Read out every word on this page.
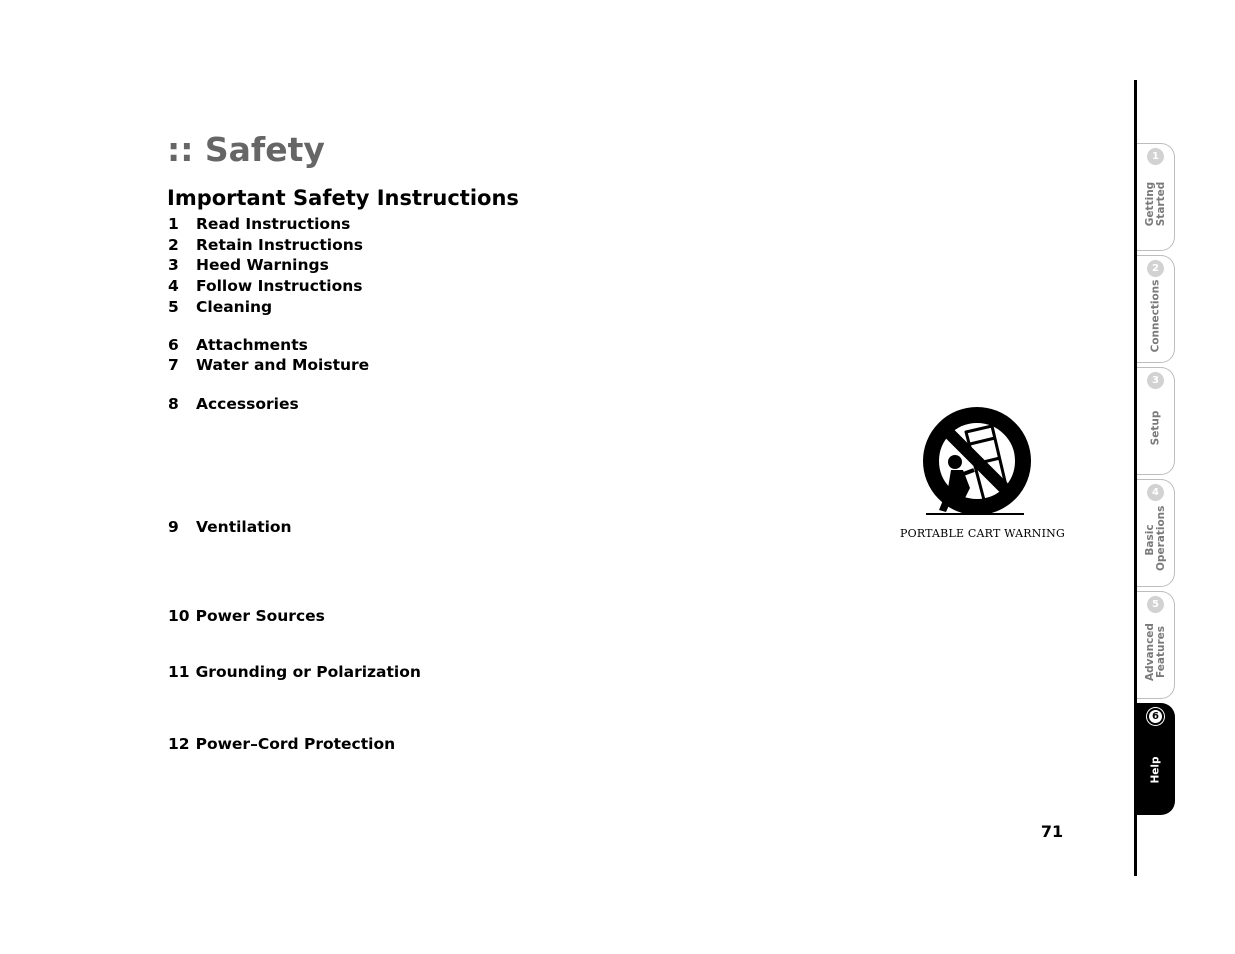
:: Safety
Important Safety Instructions
1 Read Instructions
2 Retain Instructions
3 Heed Warnings
4 Follow Instructions
5 Cleaning
6 Attachments
7 Water and Moisture
8 Accessories
9 Ventilation
10 Power Sources
11 Grounding or Polarization
12 Power–Cord Protection
PORTABLE CART WARNING
71
1
Getting Started
2
Connections
3
Setup
4
Basic Operations
5
Advanced Features
6
Help
